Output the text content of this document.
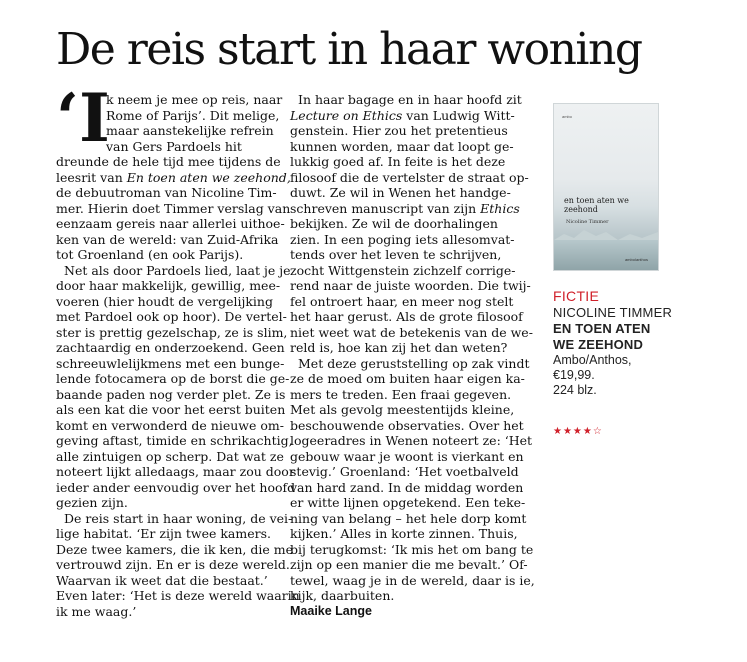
De reis start in haar woning
‘I

k neem je mee op reis, naar

Rome of Parijs’. Dit melige,

maar aanstekelijke refrein

van Gers Pardoels hit

dreunde de hele tijd mee tijdens de

leesrit van En toen aten we zeehond,

de debuutroman van Nicoline Tim-

mer. Hierin doet Timmer verslag van

eenzaam gereis naar allerlei uithoe-

ken van de wereld: van Zuid-Afrika

tot Groenland (en ook Parijs).

Net als door Pardoels lied, laat je je

door haar makkelijk, gewillig, mee-

voeren (hier houdt de vergelijking

met Pardoel ook op hoor). De vertel-

ster is prettig gezelschap, ze is slim,

zachtaardig en onderzoekend. Geen

schreeuwlelijkmens met een bunge-

lende fotocamera op de borst die ge-

baande paden nog verder plet. Ze is

als een kat die voor het eerst buiten

komt en verwonderd de nieuwe om-

geving aftast, timide en schrikachtig,

alle zintuigen op scherp. Dat wat ze

noteert lijkt alledaags, maar zou door

ieder ander eenvoudig over het hoofd

gezien zijn.

De reis start in haar woning, de vei-

lige habitat. ‘Er zijn twee kamers.

Deze twee kamers, die ik ken, die me

vertrouwd zijn. En er is deze wereld.

Waarvan ik weet dat die bestaat.’

Even later: ‘Het is deze wereld waarin

ik me waag.’

In haar bagage en in haar hoofd zit

Lecture on Ethics van Ludwig Witt-

genstein. Hier zou het pretentieus

kunnen worden, maar dat loopt ge-

lukkig goed af. In feite is het deze

filosoof die de vertelster de straat op-

duwt. Ze wil in Wenen het handge-

schreven manuscript van zijn Ethics

bekijken. Ze wil de doorhalingen

zien. In een poging iets allesomvat-

tends over het leven te schrijven,

zocht Wittgenstein zichzelf corrige-

rend naar de juiste woorden. Die twij-

fel ontroert haar, en meer nog stelt

het haar gerust. Als de grote filosoof

niet weet wat de betekenis van de we-

reld is, hoe kan zij het dan weten?

Met deze geruststelling op zak vindt

ze de moed om buiten haar eigen ka-

mers te treden. Een fraai gegeven.

Met als gevolg meestentijds kleine,

beschouwende observaties. Over het

logeeradres in Wenen noteert ze: ‘Het

gebouw waar je woont is vierkant en

stevig.’ Groenland: ‘Het voetbalveld

van hard zand. In de middag worden

er witte lijnen opgetekend. Een teke-

ning van belang – het hele dorp komt

kijken.’ Alles in korte zinnen. Thuis,

bij terugkomst: ‘Ik mis het om bang te

zijn op een manier die me bevalt.’ Of-

tewel, waag je in de wereld, daar is ie,

kijk, daarbuiten.

Maaike Lange

ambo
en toen aten we zeehond
Nicoline Timmer
amboǀanthos
FICTIE
NICOLINE TIMMER
EN TOEN ATEN
WE ZEEHOND
Ambo/Anthos,
€19,99.
224 blz.
★★★★☆
